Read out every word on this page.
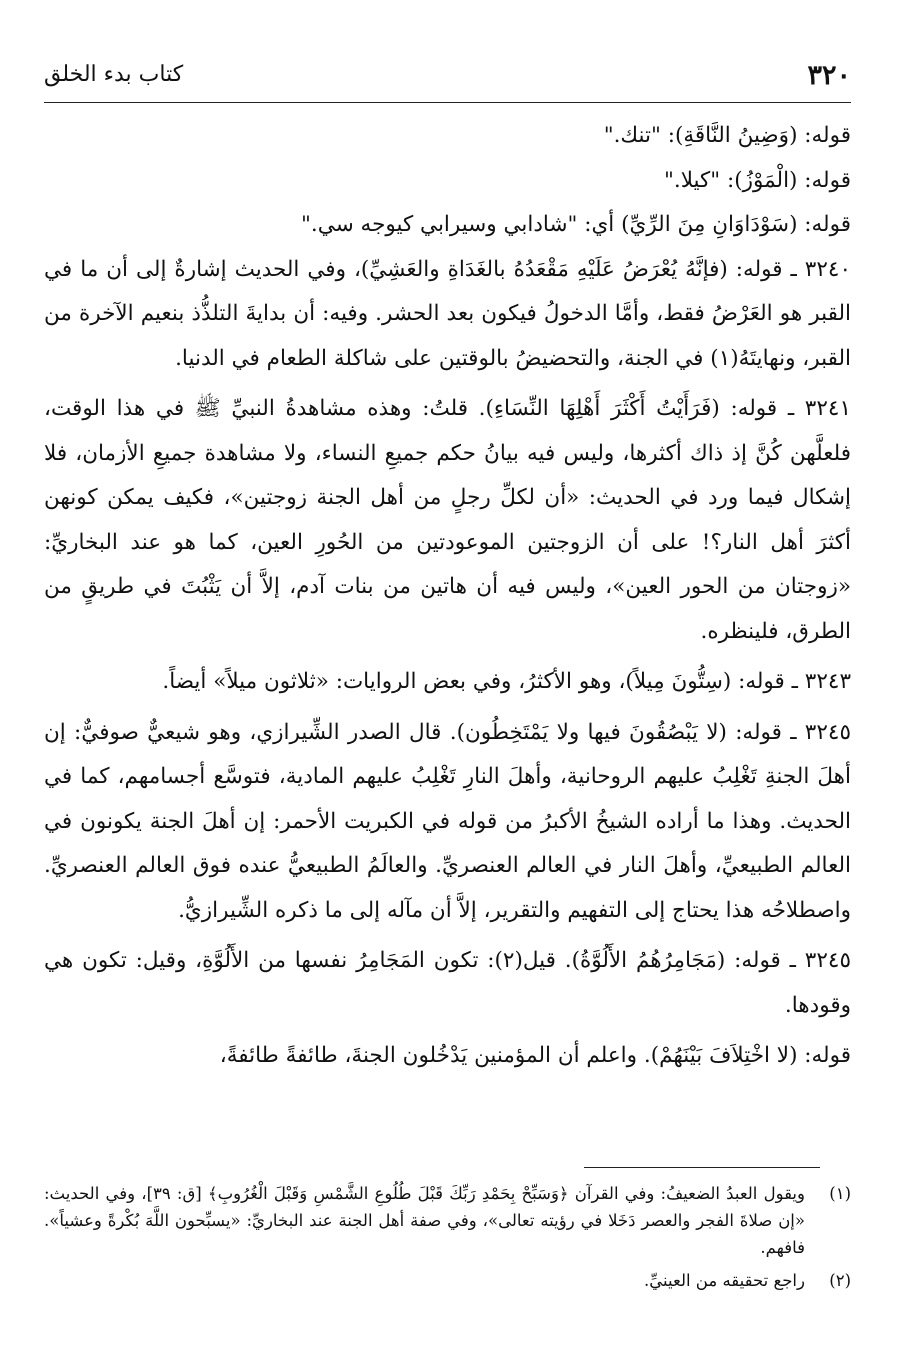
٣٢٠
كتاب بدء الخلق

قوله: (وَضِينُ النَّاقَةِ): "تنك."

قوله: (الْمَوْزُ): "كيلا."

قوله: (سَوْدَاوَانِ مِنَ الرِّيِّ) أي: "شادابي وسيرابي كيوجه سي."

٣٢٤٠ ـ قوله: (فإنَّهُ يُعْرَضُ عَلَيْهِ مَقْعَدُهُ بالغَدَاةِ والعَشِيِّ)، وفي الحديث إشارةٌ إلى أن ما في القبر هو العَرْضُ فقط، وأمَّا الدخولُ فيكون بعد الحشر. وفيه: أن بدايةَ التلذُّذ بنعيم الآخرة من القبر، ونهايتَهُ(١) في الجنة، والتحضيضُ بالوقتين على شاكلة الطعام في الدنيا.

٣٢٤١ ـ قوله: (فَرَأَيْتُ أَكْثَرَ أَهْلِهَا النِّسَاءِ). قلتُ: وهذه مشاهدةُ النبيِّ ﷺ في هذا الوقت، فلعلَّهن كُنَّ إذ ذاك أكثرها، وليس فيه بيانُ حكم جميعِ النساء، ولا مشاهدة جميعِ الأزمان، فلا إشكال فيما ورد في الحديث: «أن لكلِّ رجلٍ من أهل الجنة زوجتين»، فكيف يمكن كونهن أكثرَ أهل النار؟! على أن الزوجتين الموعودتين من الحُورِ العين، كما هو عند البخاريِّ: «زوجتان من الحور العين»، وليس فيه أن هاتين من بنات آدم، إلاَّ أن يَثْبُتَ في طريقٍ من الطرق، فلينظره.

٣٢٤٣ ـ قوله: (سِتُّونَ مِيلاً)، وهو الأكثرُ، وفي بعض الروايات: «ثلاثون ميلاً» أيضاً.

٣٢٤٥ ـ قوله: (لا يَبْصُقُونَ فيها ولا يَمْتَخِطُون). قال الصدر الشِّيرازي، وهو شيعيٌّ صوفيٌّ: إن أهلَ الجنةِ تَغْلِبُ عليهم الروحانية، وأهلَ النارِ تَغْلِبُ عليهم المادية، فتوسَّع أجسامهم، كما في الحديث. وهذا ما أراده الشيخُ الأكبرُ من قوله في الكبريت الأحمر: إن أهلَ الجنة يكونون في العالم الطبيعيِّ، وأهلَ النار في العالم العنصريِّ. والعالَمُ الطبيعيُّ عنده فوق العالم العنصريِّ. واصطلاحُه هذا يحتاج إلى التفهيم والتقرير، إلاَّ أن مآله إلى ما ذكره الشِّيرازيُّ.

٣٢٤٥ ـ قوله: (مَجَامِرُهُمُ الأَلُوَّةُ). قيل(٢): تكون المَجَامِرُ نفسها من الأَلُوَّةِ، وقيل: تكون هي وقودها.

قوله: (لا اخْتِلاَفَ بَيْنَهُمْ). واعلم أن المؤمنين يَدْخُلون الجنةَ، طائفةً طائفةً،

(١)
ويقول العبدُ الضعيفُ: وفي القرآن ﴿وَسَبِّحْ بِحَمْدِ رَبِّكَ قَبْلَ طُلُوعِ الشَّمْسِ وَقَبْلَ الْغُرُوبِ﴾ [ق: ٣٩]، وفي الحديث: «إن صلاةَ الفجر والعصر دَخَلا في رؤيته تعالى»، وفي صفة أهل الجنة عند البخاريِّ: «يسبِّحون اللَّهَ بُكْرةً وعشياً». فافهم.
(٢)
راجع تحقيقه من العينيِّ.
